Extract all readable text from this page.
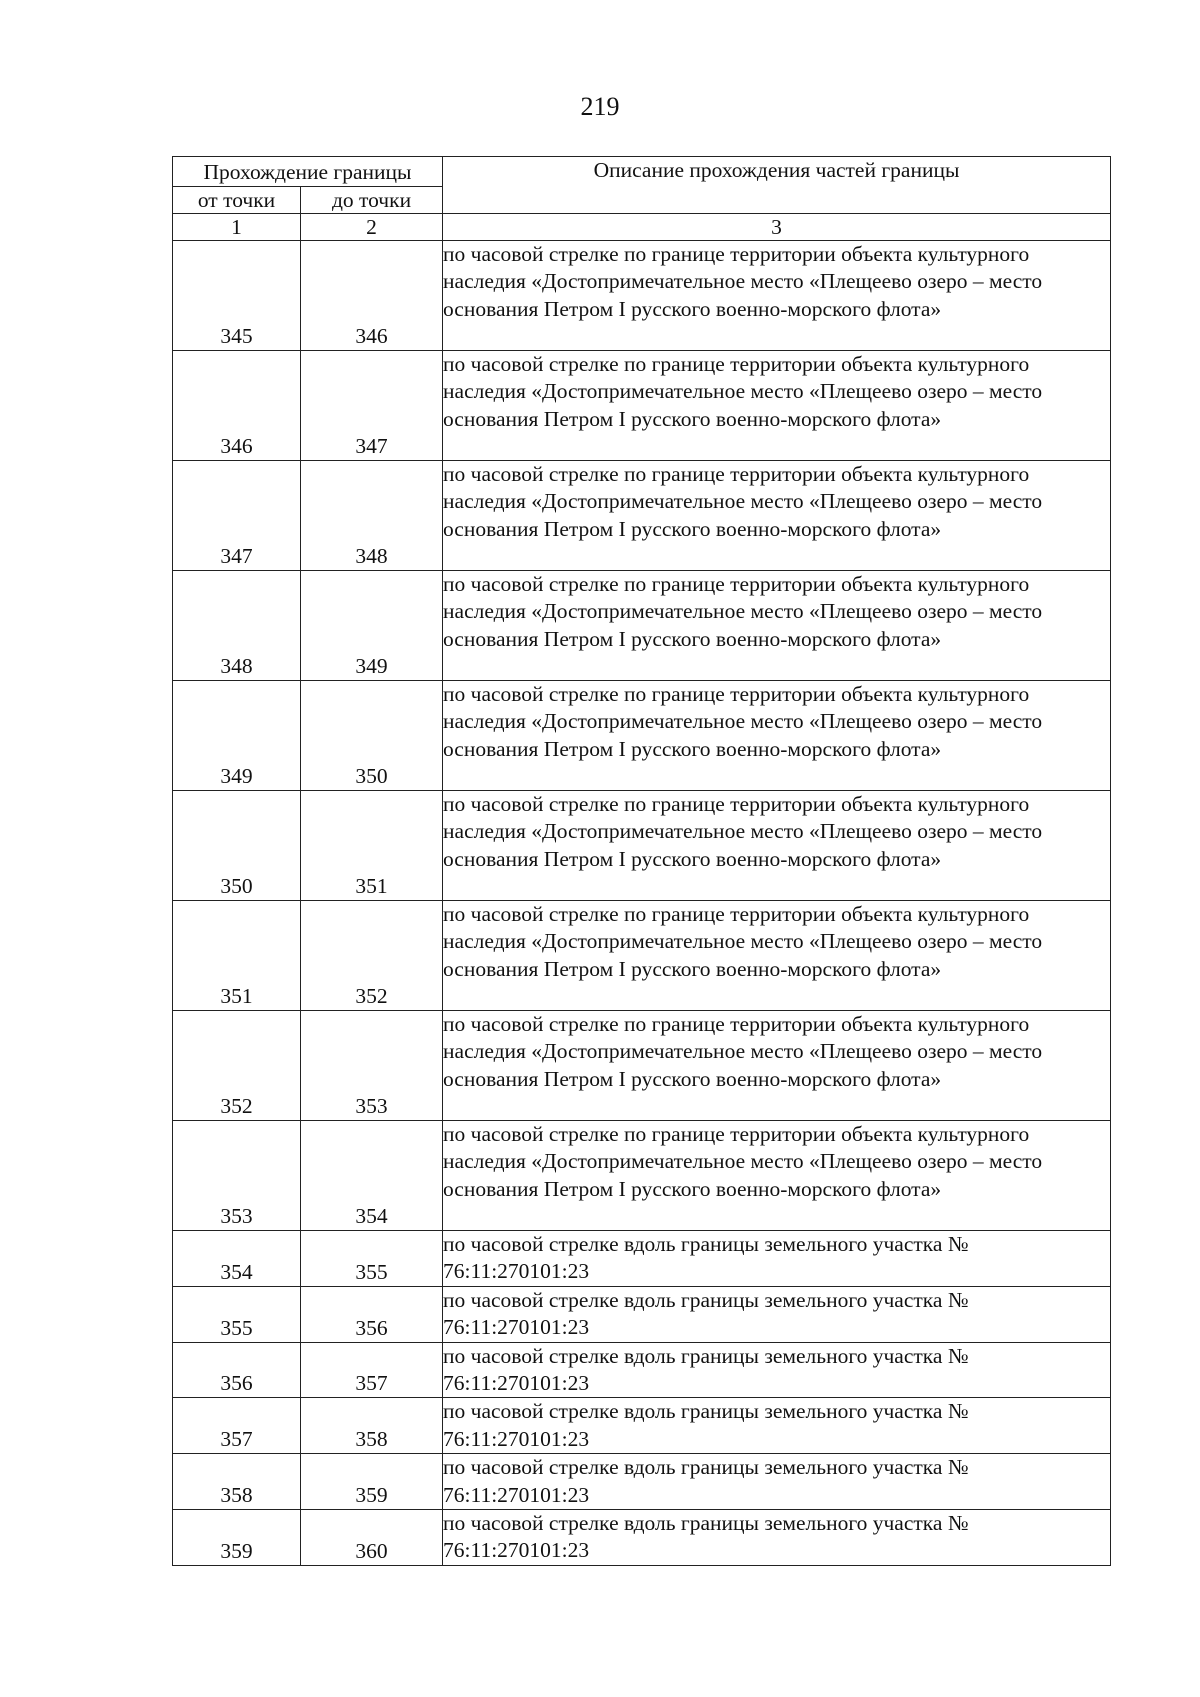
219
Прохождение границы		Описание прохождения частей границы
от точки	до точки	
1	2	3
345	346	по часовой стрелке по границе территории объекта культурного наследия «Достопримечательное место «Плещеево озеро – место основания Петром I русского военно-морского флота»
346	347	по часовой стрелке по границе территории объекта культурного наследия «Достопримечательное место «Плещеево озеро – место основания Петром I русского военно-морского флота»
347	348	по часовой стрелке по границе территории объекта культурного наследия «Достопримечательное место «Плещеево озеро – место основания Петром I русского военно-морского флота»
348	349	по часовой стрелке по границе территории объекта культурного наследия «Достопримечательное место «Плещеево озеро – место основания Петром I русского военно-морского флота»
349	350	по часовой стрелке по границе территории объекта культурного наследия «Достопримечательное место «Плещеево озеро – место основания Петром I русского военно-морского флота»
350	351	по часовой стрелке по границе территории объекта культурного наследия «Достопримечательное место «Плещеево озеро – место основания Петром I русского военно-морского флота»
351	352	по часовой стрелке по границе территории объекта культурного наследия «Достопримечательное место «Плещеево озеро – место основания Петром I русского военно-морского флота»
352	353	по часовой стрелке по границе территории объекта культурного наследия «Достопримечательное место «Плещеево озеро – место основания Петром I русского военно-морского флота»
353	354	по часовой стрелке по границе территории объекта культурного наследия «Достопримечательное место «Плещеево озеро – место основания Петром I русского военно-морского флота»
354	355	по часовой стрелке вдоль границы земельного участка № 76:11:270101:23
355	356	по часовой стрелке вдоль границы земельного участка № 76:11:270101:23
356	357	по часовой стрелке вдоль границы земельного участка № 76:11:270101:23
357	358	по часовой стрелке вдоль границы земельного участка № 76:11:270101:23
358	359	по часовой стрелке вдоль границы земельного участка № 76:11:270101:23
359	360	по часовой стрелке вдоль границы земельного участка № 76:11:270101:23
